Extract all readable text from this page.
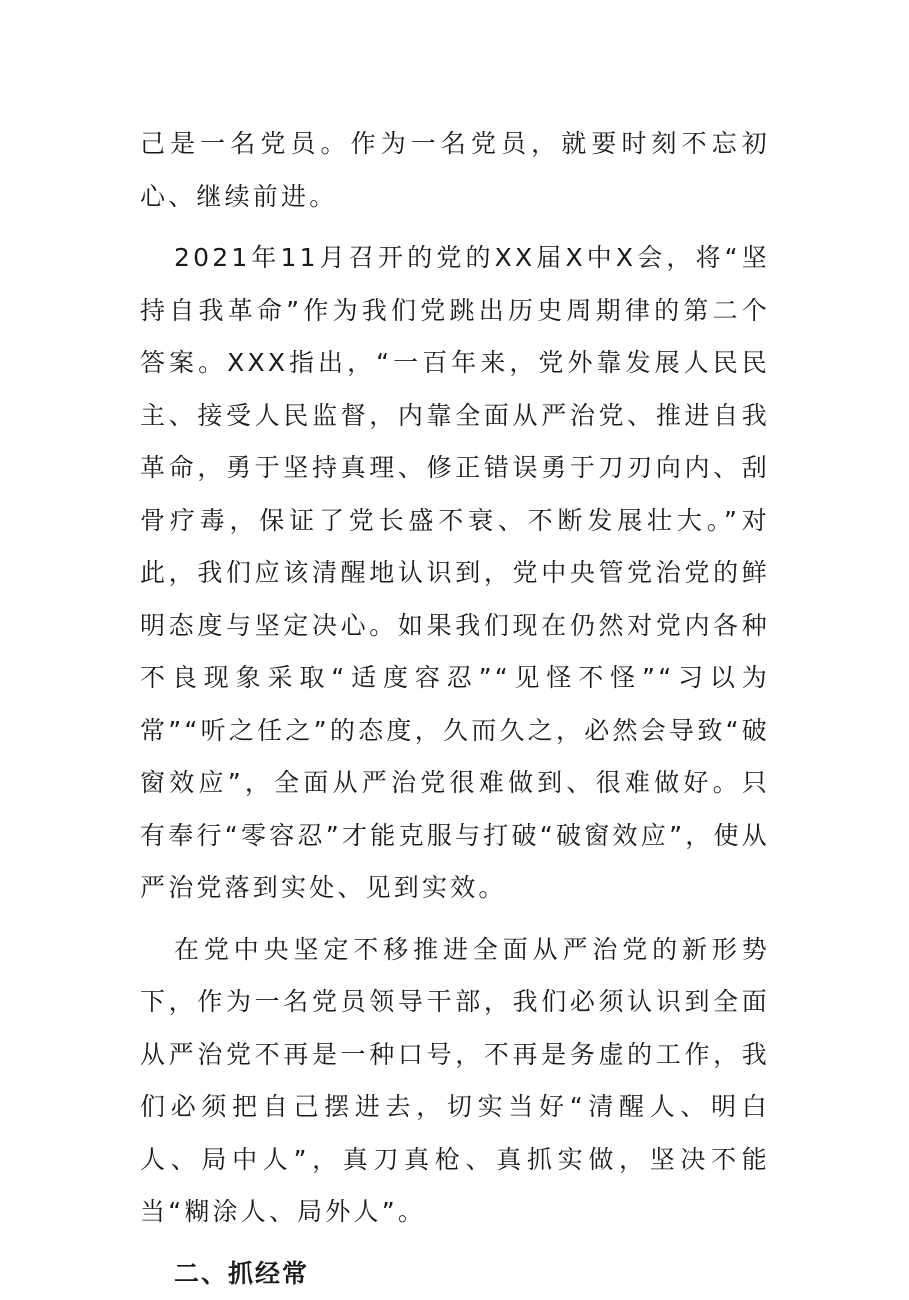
己是一名党员。作为一名党员，就要时刻不忘初心、继续前进。

2021年11月召开的党的XX届X中X会，将“坚持自我革命”作为我们党跳出历史周期律的第二个答案。XXX指出，“一百年来，党外靠发展人民民主、接受人民监督，内靠全面从严治党、推进自我革命，勇于坚持真理、修正错误勇于刀刃向内、刮骨疗毒，保证了党长盛不衰、不断发展壮大。”对此，我们应该清醒地认识到，党中央管党治党的鲜明态度与坚定决心。如果我们现在仍然对党内各种不良现象采取“适度容忍”“见怪不怪”“习以为常”“听之任之”的态度，久而久之，必然会导致“破窗效应”，全面从严治党很难做到、很难做好。只有奉行“零容忍”才能克服与打破“破窗效应”，使从严治党落到实处、见到实效。

在党中央坚定不移推进全面从严治党的新形势下，作为一名党员领导干部，我们必须认识到全面从严治党不再是一种口号，不再是务虚的工作，我们必须把自己摆进去，切实当好“清醒人、明白人、局中人”，真刀真枪、真抓实做，坚决不能当“糊涂人、局外人”。

二、抓经常
